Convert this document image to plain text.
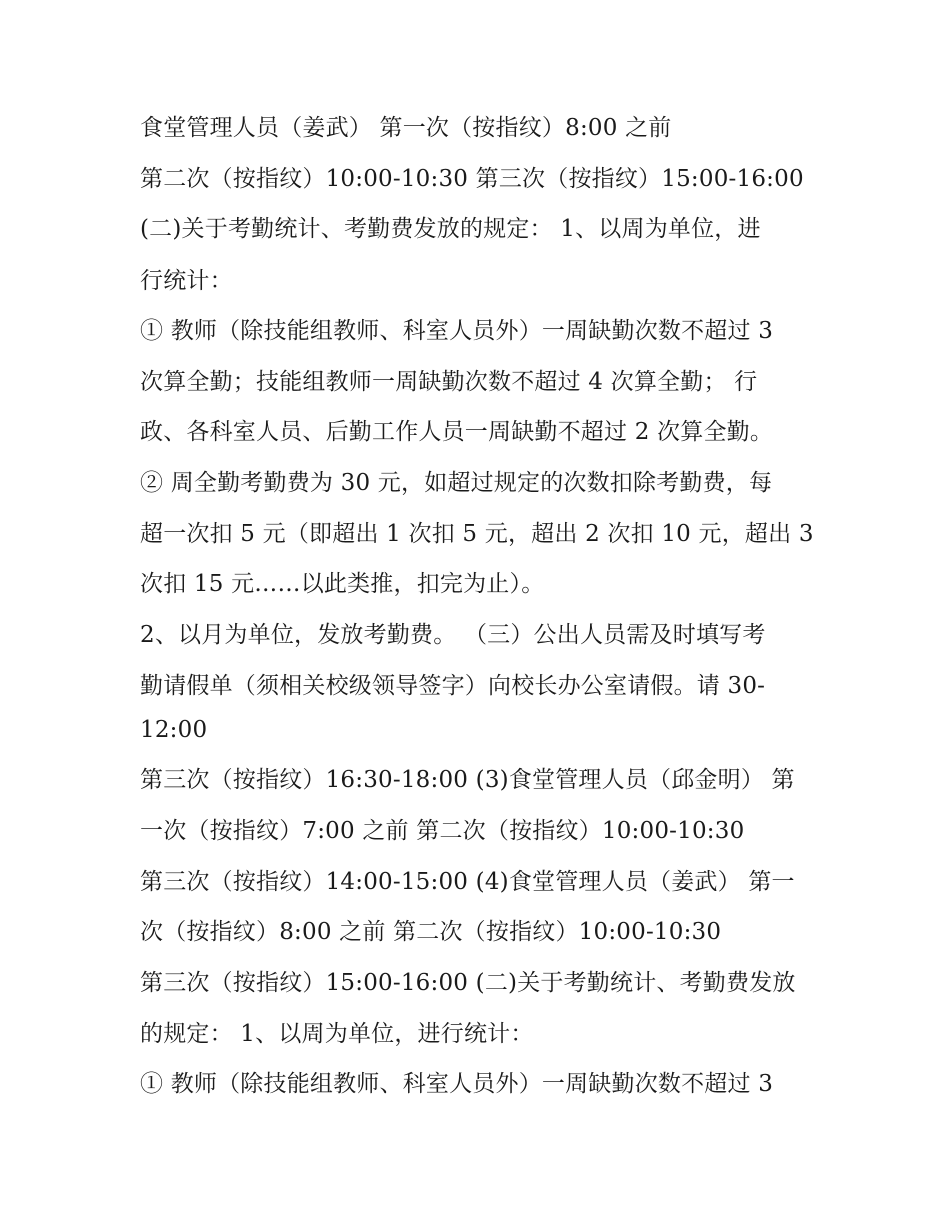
食堂管理人员（姜武） 第一次（按指纹）8:00 之前
第二次（按指纹）10:00-10:30 第三次（按指纹）15:00-16:00
(二)关于考勤统计、考勤费发放的规定： 1、以周为单位，进
行统计：
① 教师（除技能组教师、科室人员外）一周缺勤次数不超过 3
次算全勤；技能组教师一周缺勤次数不超过 4 次算全勤； 行
政、各科室人员、后勤工作人员一周缺勤不超过 2 次算全勤。
② 周全勤考勤费为 30 元，如超过规定的次数扣除考勤费，每
超一次扣 5 元（即超出 1 次扣 5 元，超出 2 次扣 10 元，超出 3
次扣 15 元……以此类推，扣完为止）。
2、以月为单位，发放考勤费。 （三）公出人员需及时填写考
勤请假单（须相关校级领导签字）向校长办公室请假。请 30-
12:00
第三次（按指纹）16:30-18:00 (3)食堂管理人员（邱金明） 第
一次（按指纹）7:00 之前 第二次（按指纹）10:00-10:30
第三次（按指纹）14:00-15:00 (4)食堂管理人员（姜武） 第一
次（按指纹）8:00 之前 第二次（按指纹）10:00-10:30
第三次（按指纹）15:00-16:00 (二)关于考勤统计、考勤费发放
的规定： 1、以周为单位，进行统计：
① 教师（除技能组教师、科室人员外）一周缺勤次数不超过 3
